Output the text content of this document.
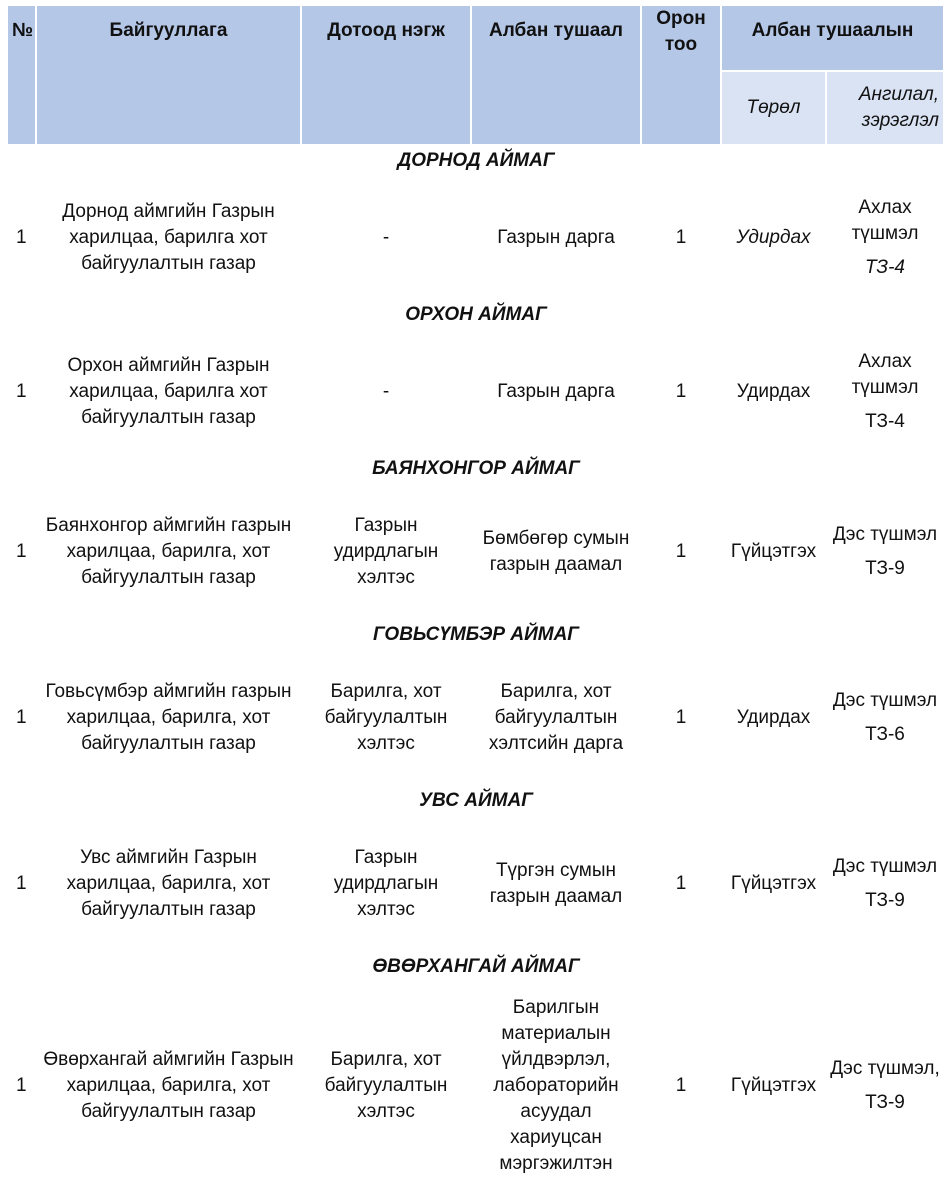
№	Байгууллага	Дотоод нэгж	Албан тушаал	Орон тоо	Албан тушаалын	
					Төрөл	Ангилал, зэрэглэл
ДОРНОД АЙМАГ						
1	Дорнод аймгийн Газрын харилцаа, барилга хот байгуулалтын газар	-	Газрын дарга	1	Удирдах	Ахлах түшмэл
ТЗ-4

ОРХОН АЙМАГ						
1	Орхон аймгийн Газрын харилцаа, барилга хот байгуулалтын газар	-	Газрын дарга	1	Удирдах	Ахлах түшмэл
ТЗ-4

БАЯНХОНГОР АЙМАГ						
1	Баянхонгор аймгийн газрын харилцаа, барилга, хот байгуулалтын газар	Газрын удирдлагын хэлтэс	Бөмбөгөр сумын газрын даамал	1	Гүйцэтгэх	Дэс түшмэл
ТЗ-9

ГОВЬСҮМБЭР АЙМАГ						
1	Говьсүмбэр аймгийн газрын харилцаа, барилга, хот байгуулалтын газар	Барилга, хот байгуулалтын хэлтэс	Барилга, хот байгуулалтын хэлтсийн дарга	1	Удирдах	Дэс түшмэл
ТЗ-6

УВС АЙМАГ						
1	Увс аймгийн Газрын харилцаа, барилга, хот байгуулалтын газар	Газрын удирдлагын хэлтэс	Түргэн сумын газрын даамал	1	Гүйцэтгэх	Дэс түшмэл
ТЗ-9

ӨВӨРХАНГАЙ АЙМАГ						
1	Өвөрхангай аймгийн Газрын харилцаа, барилга, хот байгуулалтын газар	Барилга, хот байгуулалтын хэлтэс	Барилгын материалын үйлдвэрлэл, лабораторийн асуудал хариуцсан мэргэжилтэн	1	Гүйцэтгэх	Дэс түшмэл,
ТЗ-9
